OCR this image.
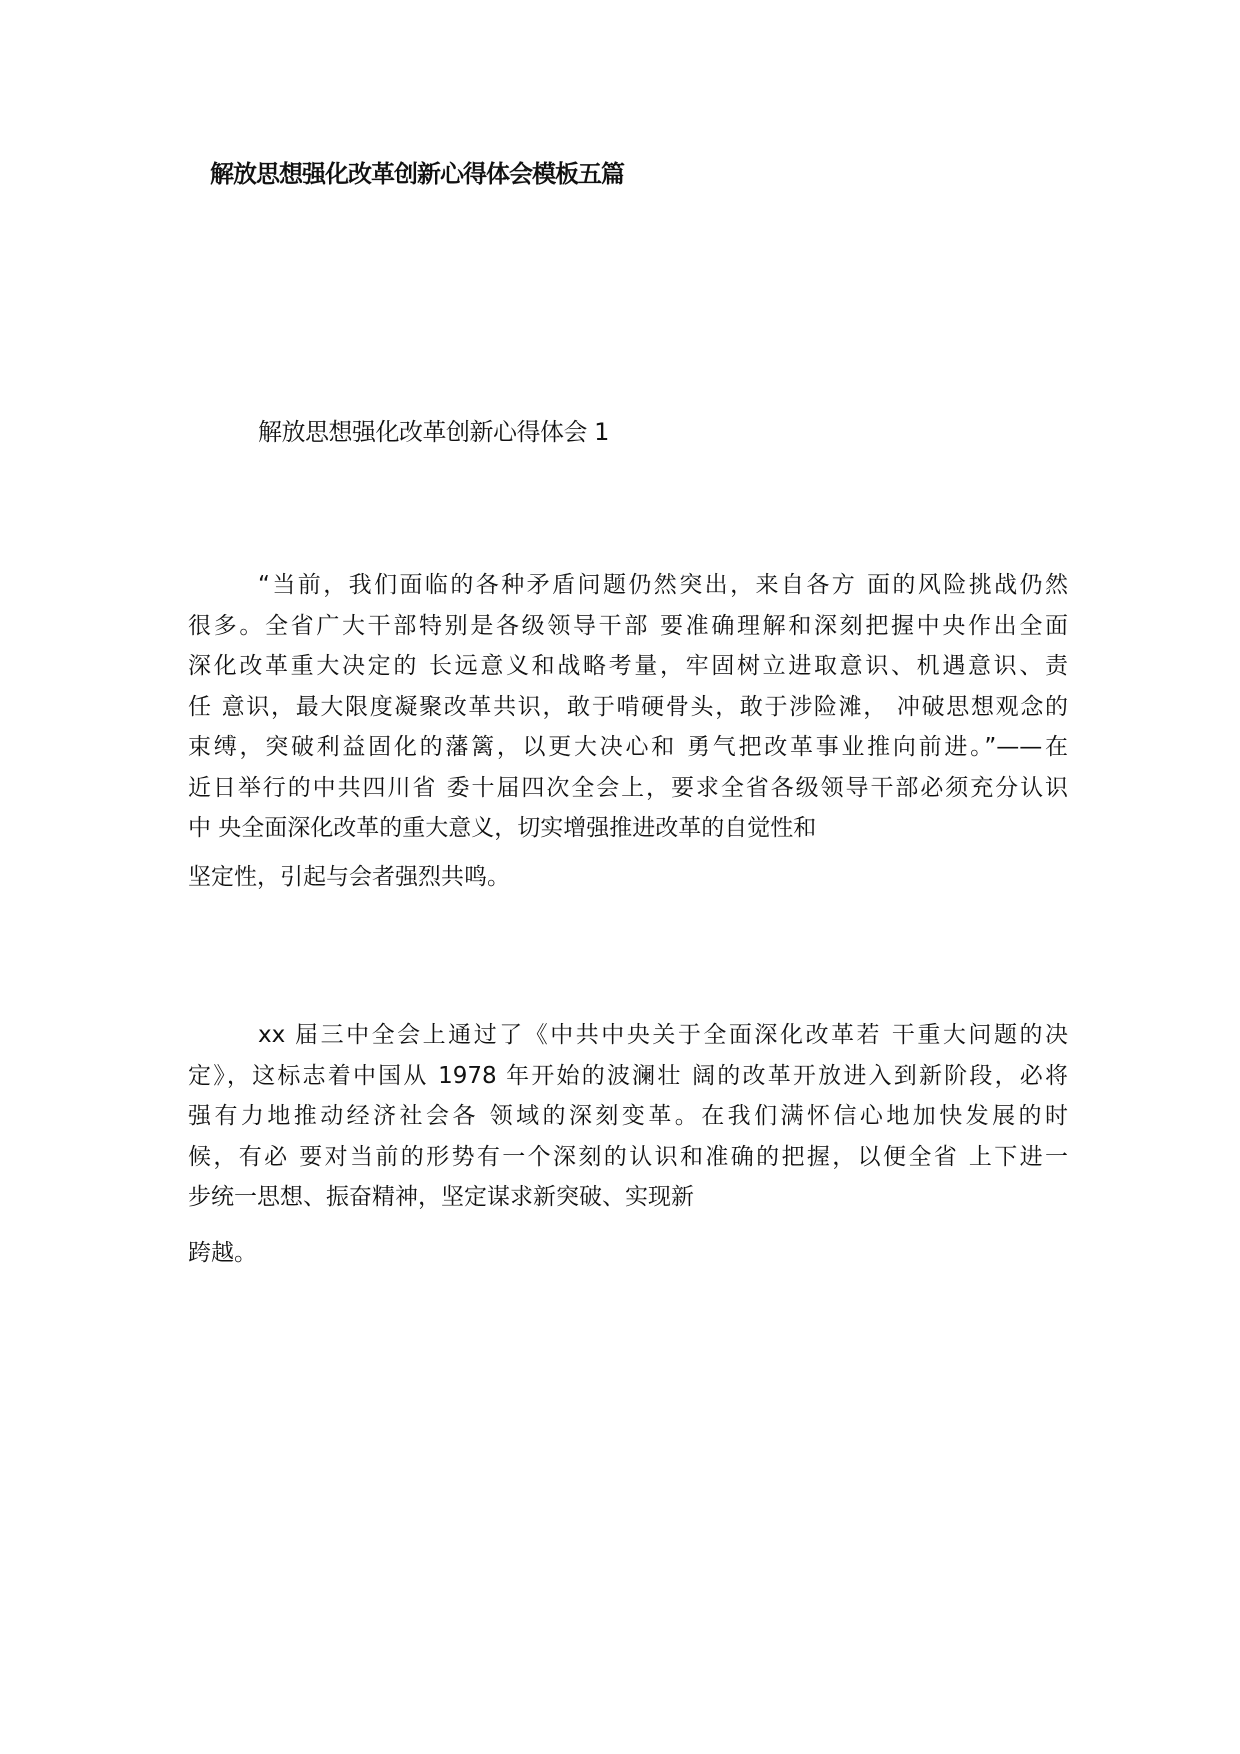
解放思想强化改革创新心得体会模板五篇
解放思想强化改革创新心得体会 1
“当前，我们面临的各种矛盾问题仍然突出，来自各方 面的风险挑战仍然
很多。全省广大干部特别是各级领导干部 要准确理解和深刻把握中央作出全面
深化改革重大决定的 长远意义和战略考量，牢固树立进取意识、机遇意识、责
任 意识，最大限度凝聚改革共识，敢于啃硬骨头，敢于涉险滩， 冲破思想观念的
束缚，突破利益固化的藩篱，以更大决心和 勇气把改革事业推向前进。”——在
近日举行的中共四川省 委十届四次全会上，要求全省各级领导干部必须充分认识
中 央全面深化改革的重大意义，切实增强推进改革的自觉性和
坚定性，引起与会者强烈共鸣。
xx 届三中全会上通过了《中共中央关于全面深化改革若 干重大问题的决
定》，这标志着中国从 1978 年开始的波澜壮 阔的改革开放进入到新阶段，必将
强有力地推动经济社会各 领域的深刻变革。在我们满怀信心地加快发展的时
候，有必 要对当前的形势有一个深刻的认识和准确的把握，以便全省 上下进一
步统一思想、振奋精神，坚定谋求新突破、实现新
跨越。
